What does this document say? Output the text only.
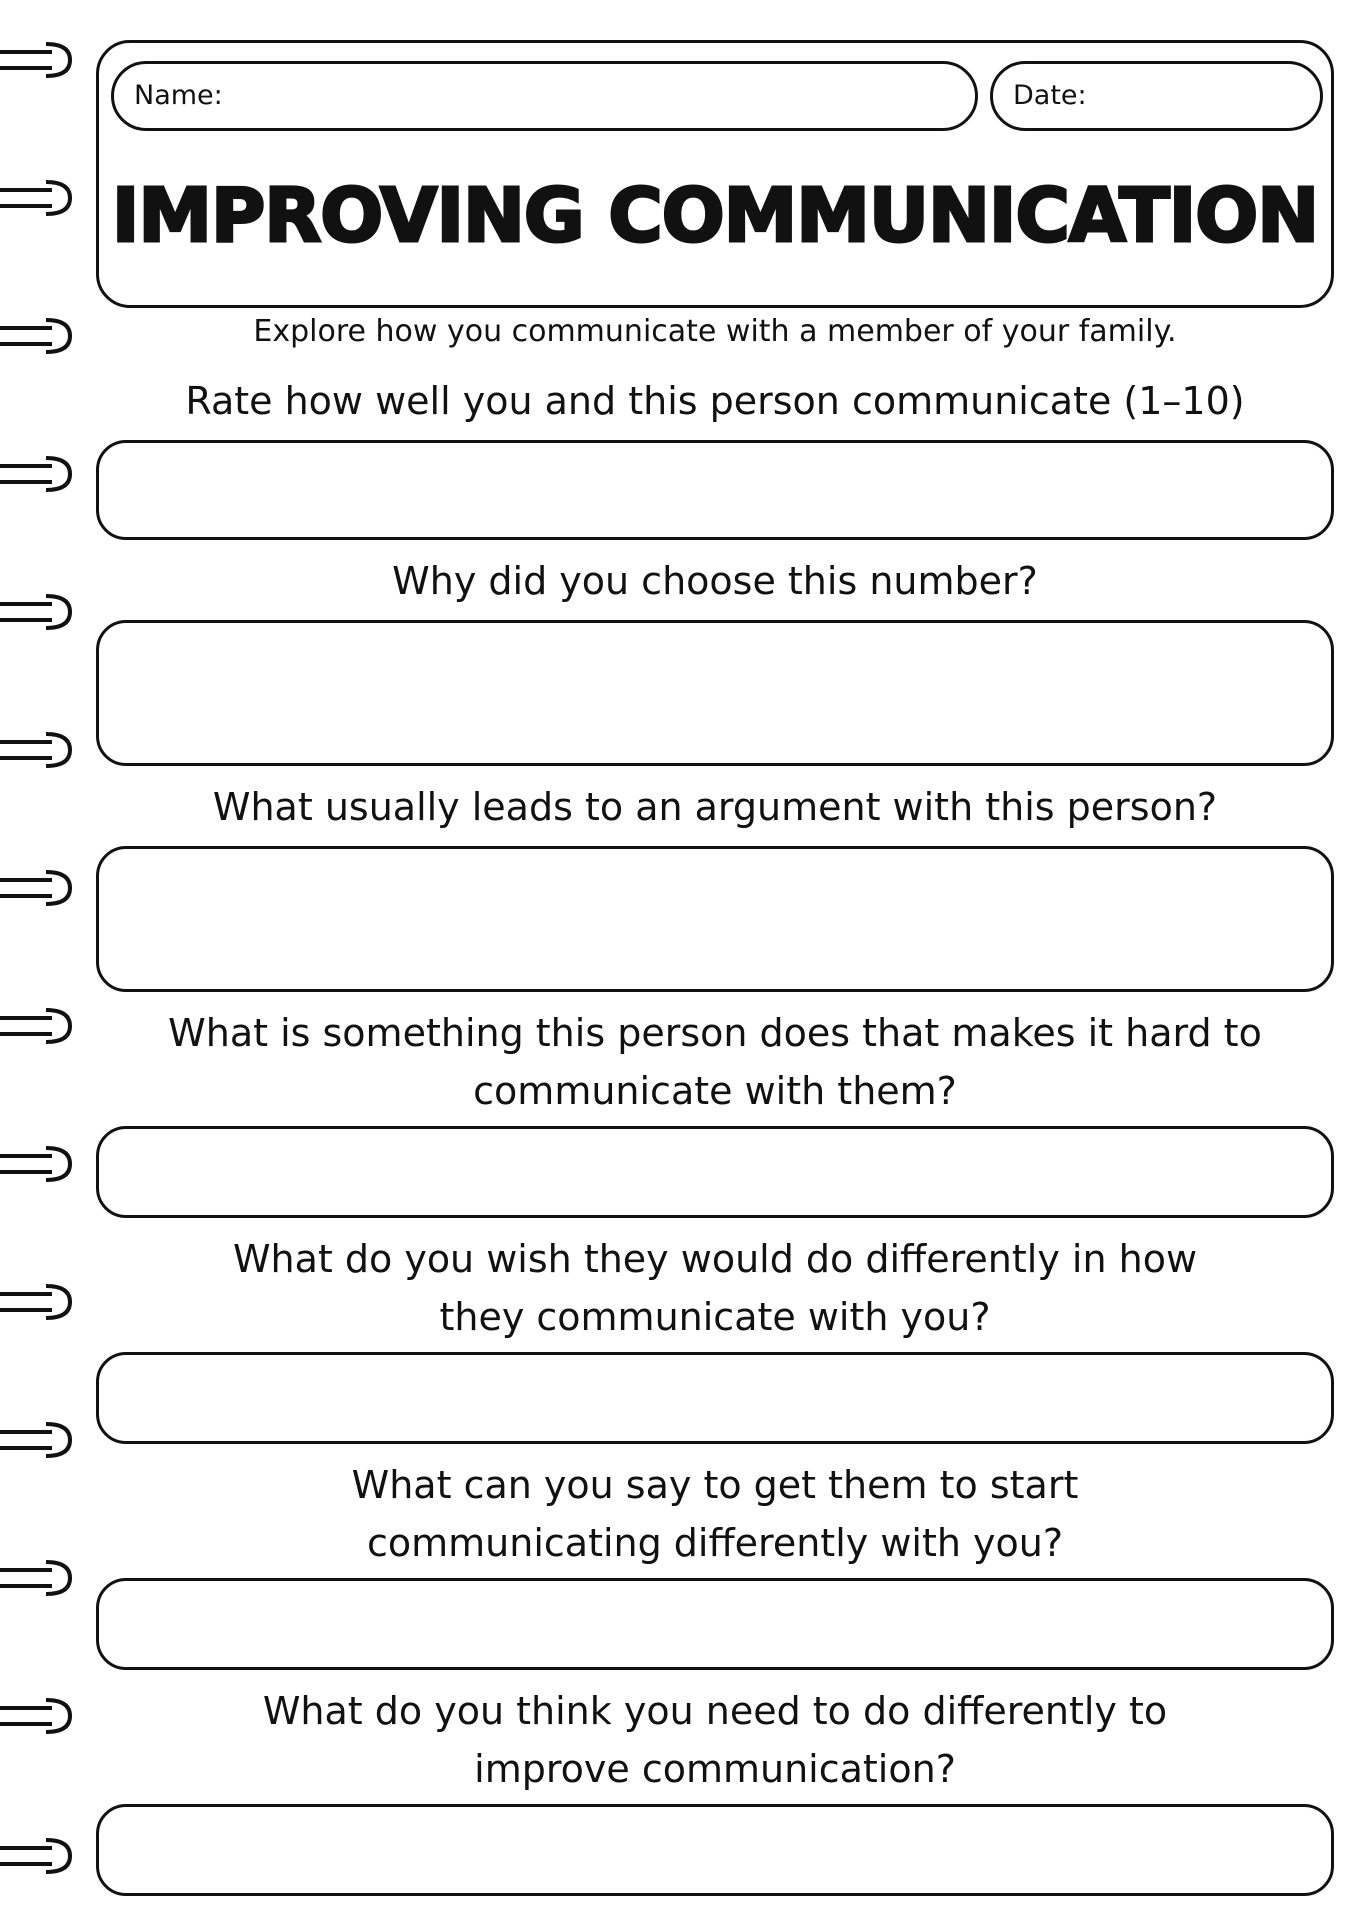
Name:	Date:
IMPROVING COMMUNICATION
Explore how you communicate with a member of your family.
Rate how well you and this person communicate (1–10)
Why did you choose this number?
What usually leads to an argument with this person?
What is something this person does that makes it hard to
communicate with them?
What do you wish they would do differently in how
they communicate with you?
What can you say to get them to start
communicating differently with you?
What do you think you need to do differently to
improve communication?
